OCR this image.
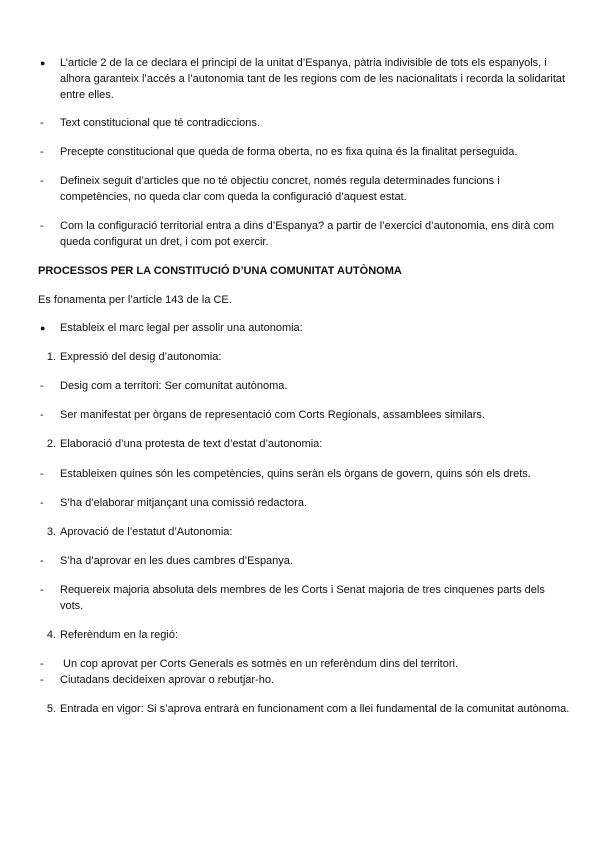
●	L’article 2 de la ce declara el principi de la unitat d’Espanya, pàtria indivisible de tots els espanyols, i alhora garanteix l’accés a l’autonomia tant de les regions com de les nacionalitats i recorda la solidaritat entre elles.
-	Text constitucional que té contradiccions.
-	Precepte constitucional que queda de forma oberta, no es fixa quina és la finalitat perseguida.
-	Defineix seguit d’articles que no té objectiu concret, només regula determinades funcions i competències, no queda clar com queda la configuració d’aquest estat.
-	Com la configuració territorial entra a dins d’Espanya? a partir de l’exercici d’autonomia, ens dirà com queda configurat un dret, i com pot exercir.
PROCESSOS PER LA CONSTITUCIÓ D’UNA COMUNITAT AUTÒNOMA
Es fonamenta per l’article 143 de la CE.
●	Estableix el marc legal per assolir una autonomia:
1. Expressió del desig d’autonomia:
-	Desig com a territori: Ser comunitat autònoma.
-	Ser manifestat per òrgans de representació com Corts Regionals, assamblees similars.
2. Elaboració d’una protesta de text d’estat d’autonomia:
-	Estableixen quines són les competències, quins seràn els òrgans de govern, quins són els drets.
-	S’ha d’elaborar mitjançant una comissió redactora.
3. Aprovació de l’estatut d’Autonomia:
-	S’ha d’aprovar en les dues cambres d’Espanya.
-	Requereix majoria absoluta dels membres de les Corts i Senat majoria de tres cinquenes parts dels vots.
4. Referèndum en la regió:
-	Un cop aprovat per Corts Generals es sotmès en un referèndum dins del territori.
-	Ciutadans decideixen aprovar o rebutjar-ho.
5. Entrada en vigor: Si s’aprova entrarà en funcionament com a llei fundamental de la comunitat autònoma.
